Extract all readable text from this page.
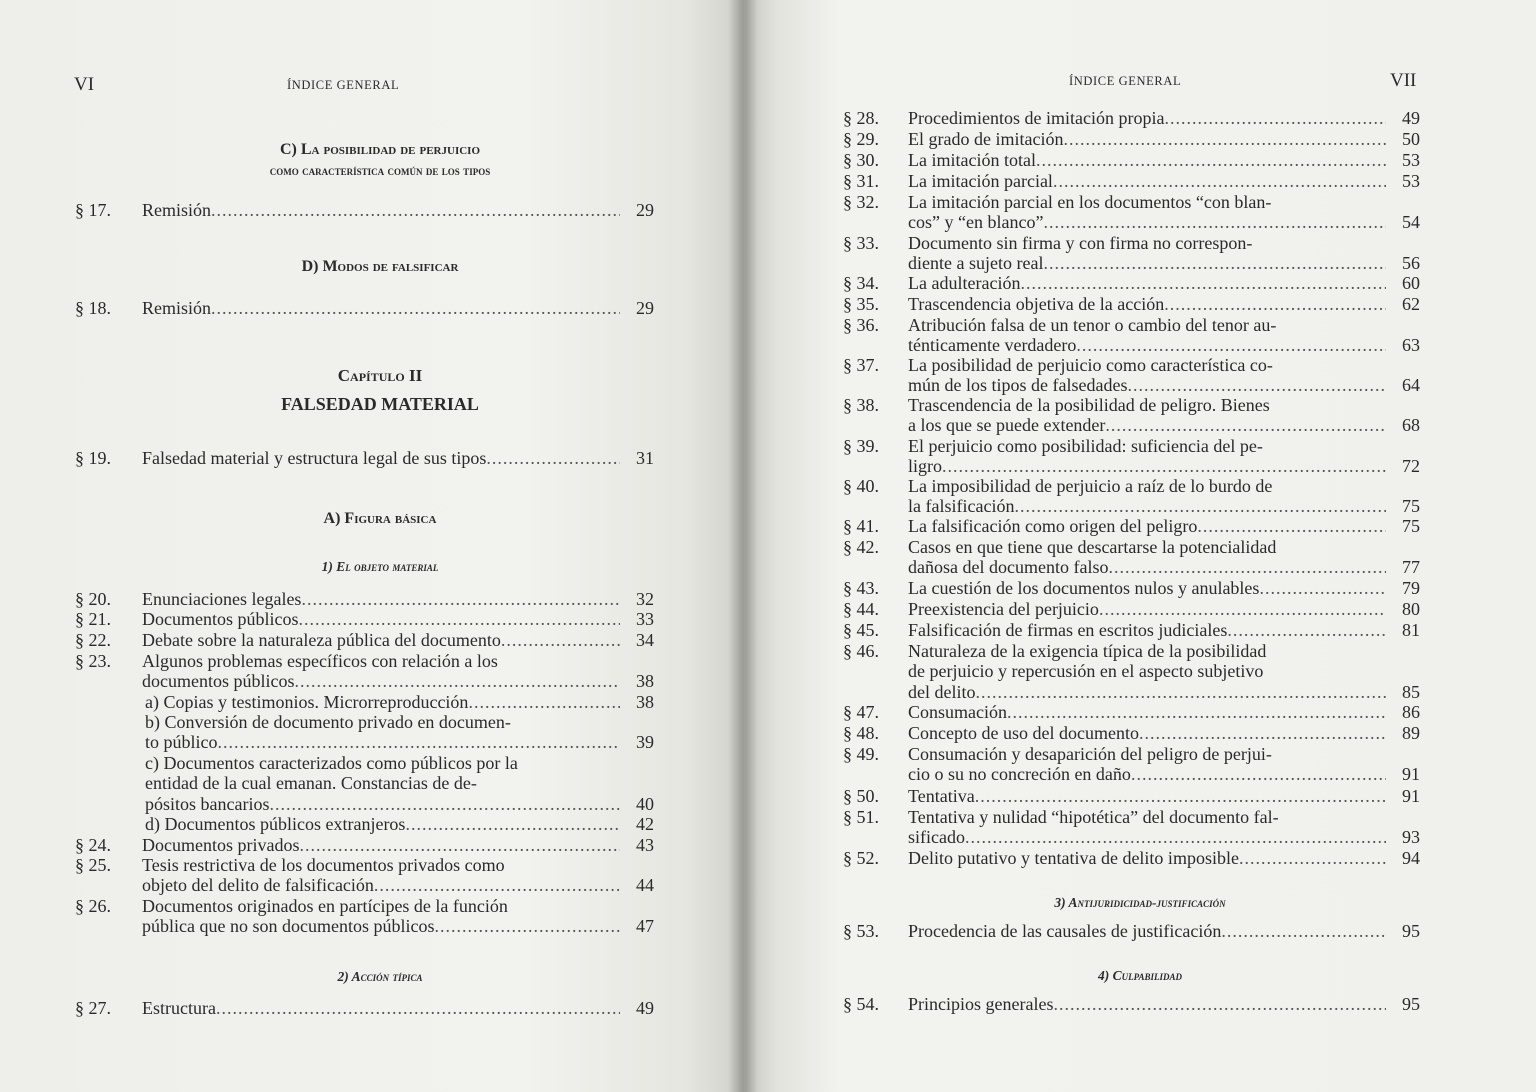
VI	ÍNDICE GENERAL
C) La posibilidad de perjuicio
como característica común de los tipos
§ 17. Remisión .....	29
§ 18. Remisión .....	29
§ 19. Falsedad material y estructura legal de sus tipos .....	31
§ 20. Enunciaciones legales .....	32
§ 21. Documentos públicos .....	33
§ 22. Debate sobre la naturaleza pública del documento .....	34
§ 23. Algunos problemas específicos con relación a los
documentos públicos .....	38
a) Copias y testimonios. Microrreproducción .....	38
b) Conversión de documento privado en documen-
to público .....	39
c) Documentos caracterizados como públicos por la
entidad de la cual emanan. Constancias de de-
pósitos bancarios .....	40
d) Documentos públicos extranjeros .....	42
§ 24. Documentos privados .....	43
§ 25. Tesis restrictiva de los documentos privados como
objeto del delito de falsificación .....	44
§ 26. Documentos originados en partícipes de la función
pública que no son documentos públicos .....	47
§ 27. Estructura .....	49
D) Modos de falsificar
Capítulo II
FALSEDAD MATERIAL
A) Figura básica
1) El objeto material
2) Acción típica
ÍNDICE GENERAL	VII
§ 28. Procedimientos de imitación propia .....	49
§ 29. El grado de imitación .....	50
§ 30. La imitación total .....	53
§ 31. La imitación parcial .....	53
§ 32. La imitación parcial en los documentos “con blan-
cos” y “en blanco” .....	54
§ 33. Documento sin firma y con firma no correspon-
diente a sujeto real .....	56
§ 34. La adulteración .....	60
§ 35. Trascendencia objetiva de la acción .....	62
§ 36. Atribución falsa de un tenor o cambio del tenor au-
ténticamente verdadero .....	63
§ 37. La posibilidad de perjuicio como característica co-
mún de los tipos de falsedades .....	64
§ 38. Trascendencia de la posibilidad de peligro. Bienes
a los que se puede extender .....	68
§ 39. El perjuicio como posibilidad: suficiencia del pe-
ligro .....	72
§ 40. La imposibilidad de perjuicio a raíz de lo burdo de
la falsificación .....	75
§ 41. La falsificación como origen del peligro .....	75
§ 42. Casos en que tiene que descartarse la potencialidad
dañosa del documento falso .....	77
§ 43. La cuestión de los documentos nulos y anulables .....	79
§ 44. Preexistencia del perjuicio .....	80
§ 45. Falsificación de firmas en escritos judiciales .....	81
§ 46. Naturaleza de la exigencia típica de la posibilidad
de perjuicio y repercusión en el aspecto subjetivo
del delito .....	85
§ 47. Consumación .....	86
§ 48. Concepto de uso del documento .....	89
§ 49. Consumación y desaparición del peligro de perjui-
cio o su no concreción en daño .....	91
§ 50. Tentativa .....	91
§ 51. Tentativa y nulidad “hipotética” del documento fal-
sificado .....	93
§ 52. Delito putativo y tentativa de delito imposible .....	94
§ 53. Procedencia de las causales de justificación .....	95
§ 54. Principios generales .....	95
3) Antijuridicidad-justificación
4) Culpabilidad
